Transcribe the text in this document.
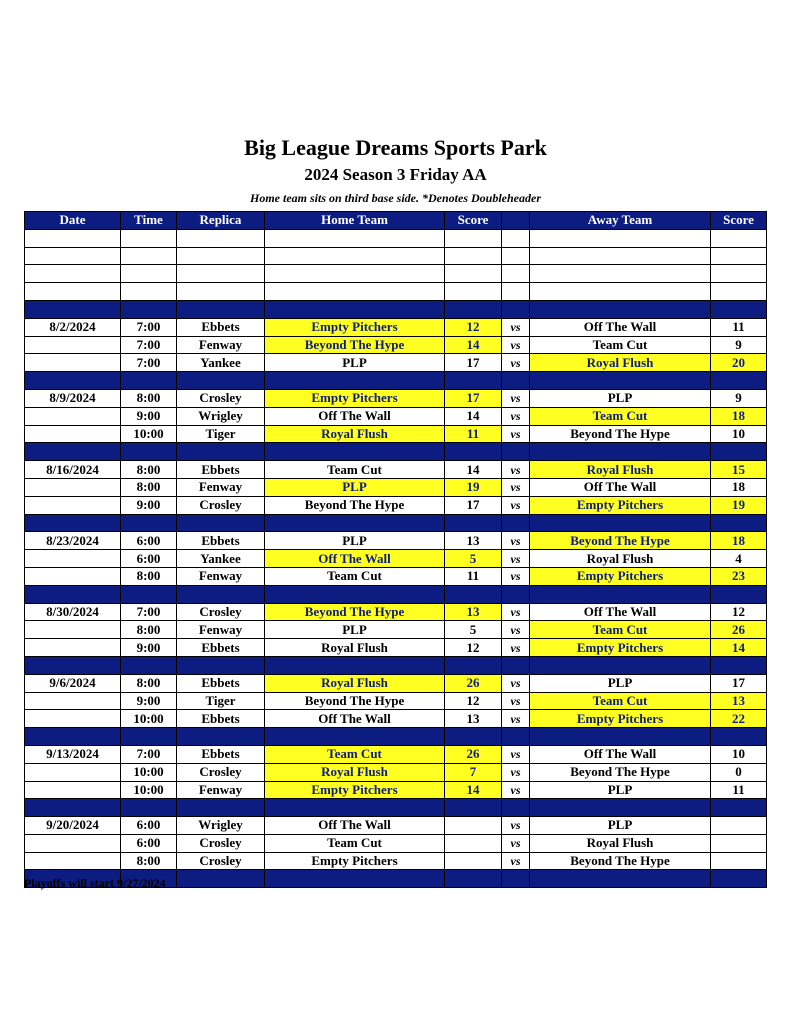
Big League Dreams Sports Park
2024 Season 3 Friday AA
Home team sits on third base side. *Denotes Doubleheader
Date	Time	Replica	Home Team	Score		Away Team	Score

8/2/2024	7:00	Ebbets	Empty Pitchers	12	vs	Off The Wall	11
	7:00	Fenway	Beyond The Hype	14	vs	Team Cut	9
	7:00	Yankee	PLP	17	vs	Royal Flush	20

8/9/2024	8:00	Crosley	Empty Pitchers	17	vs	PLP	9
	9:00	Wrigley	Off The Wall	14	vs	Team Cut	18
	10:00	Tiger	Royal Flush	11	vs	Beyond The Hype	10

8/16/2024	8:00	Ebbets	Team Cut	14	vs	Royal Flush	15
	8:00	Fenway	PLP	19	vs	Off The Wall	18
	9:00	Crosley	Beyond The Hype	17	vs	Empty Pitchers	19

8/23/2024	6:00	Ebbets	PLP	13	vs	Beyond The Hype	18
	6:00	Yankee	Off The Wall	5	vs	Royal Flush	4
	8:00	Fenway	Team Cut	11	vs	Empty Pitchers	23

8/30/2024	7:00	Crosley	Beyond The Hype	13	vs	Off The Wall	12
	8:00	Fenway	PLP	5	vs	Team Cut	26
	9:00	Ebbets	Royal Flush	12	vs	Empty Pitchers	14

9/6/2024	8:00	Ebbets	Royal Flush	26	vs	PLP	17
	9:00	Tiger	Beyond The Hype	12	vs	Team Cut	13
	10:00	Ebbets	Off The Wall	13	vs	Empty Pitchers	22

9/13/2024	7:00	Ebbets	Team Cut	26	vs	Off The Wall	10
	10:00	Crosley	Royal Flush	7	vs	Beyond The Hype	0
	10:00	Fenway	Empty Pitchers	14	vs	PLP	11

9/20/2024	6:00	Wrigley	Off The Wall		vs	PLP	
	6:00	Crosley	Team Cut		vs	Royal Flush	
	8:00	Crosley	Empty Pitchers		vs	Beyond The Hype	

Playoffs will start 9/27/2024
